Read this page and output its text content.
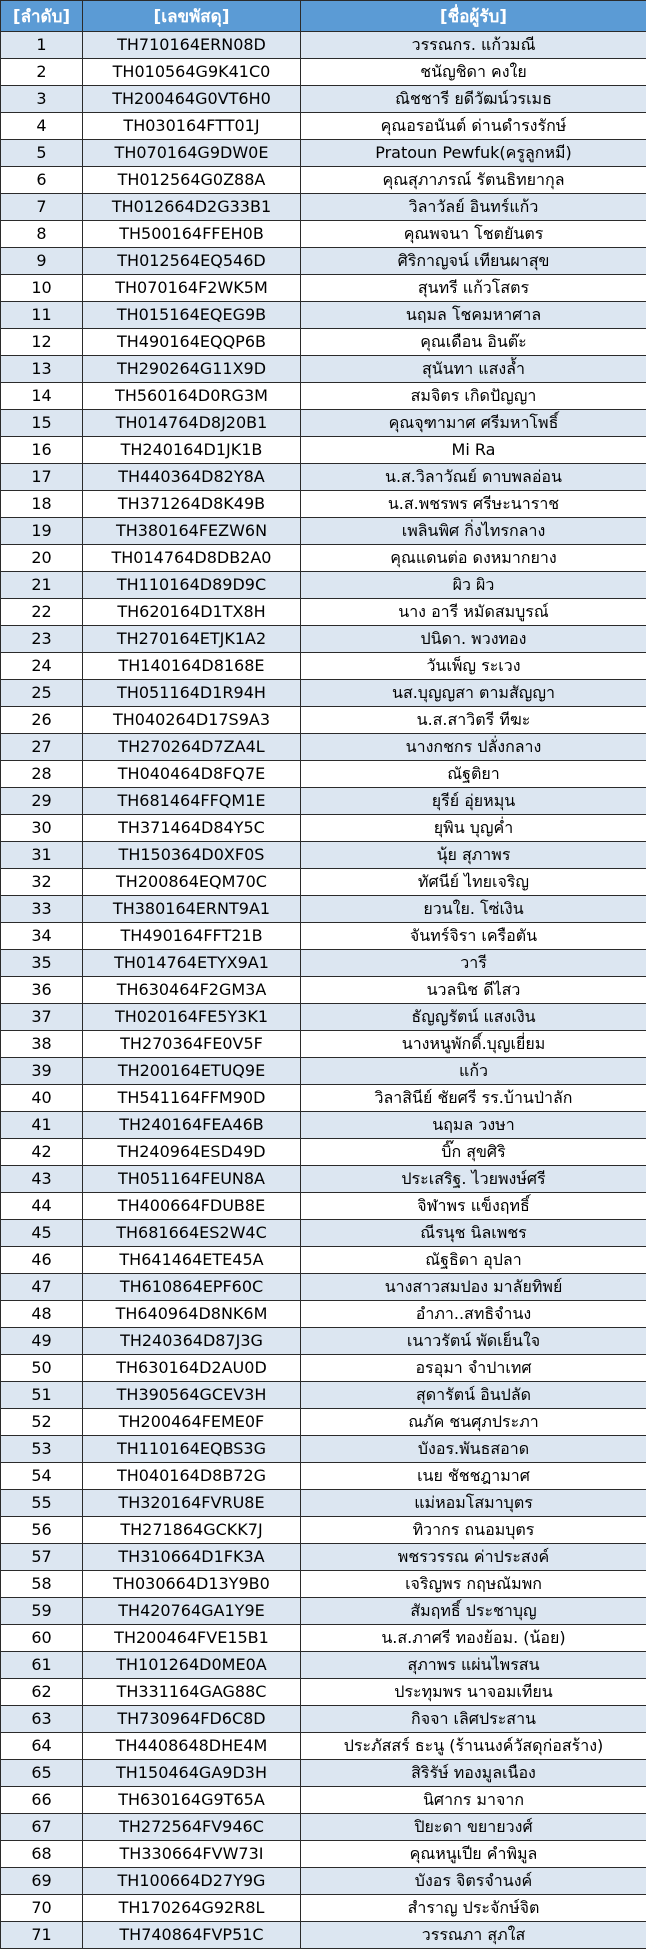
[ลำดับ]	[เลขพัสดุ]	[ชื่อผู้รับ]
1	TH710164ERN08D	วรรณกร. แก้วมณี
2	TH010564G9K41C0	ชนัญชิดา คงใย
3	TH200464G0VT6H0	ณิชชารี ยดีวัฒน์วรเมธ
4	TH030164FTT01J	คุณอรอนันต์ ด่านดำรงรักษ์
5	TH070164G9DW0E	Pratoun Pewfuk(ครูลูกหมี)
6	TH012564G0Z88A	คุณสุภาภรณ์ รัตนธิทยากุล
7	TH012664D2G33B1	วิลาวัลย์ อินทร์แก้ว
8	TH500164FFEH0B	คุณพจนา โชตยันตร
9	TH012564EQ546D	ศิริกาญจน์ เทียนผาสุข
10	TH070164F2WK5M	สุนทรี แก้วโสตร
11	TH015164EQEG9B	นฤมล โชคมหาศาล
12	TH490164EQQP6B	คุณเดือน อินต๊ะ
13	TH290264G11X9D	สุนันทา แสงล้ำ
14	TH560164D0RG3M	สมจิตร เกิดปัญญา
15	TH014764D8J20B1	คุณจุฑามาศ ศรีมหาโพธิ์
16	TH240164D1JK1B	Mi Ra
17	TH440364D82Y8A	น.ส.วิลาวัณย์ ดาบพลอ่อน
18	TH371264D8K49B	น.ส.พชรพร ศรีษะนาราช
19	TH380164FEZW6N	เพลินพิศ กิ่งไทรกลาง
20	TH014764D8DB2A0	คุณแดนต่อ ดงหมากยาง
21	TH110164D89D9C	ผิว ผิว
22	TH620164D1TX8H	นาง อารี หมัดสมบูรณ์
23	TH270164ETJK1A2	ปนิดา. พวงทอง
24	TH140164D8168E	วันเพ็ญ ระเวง
25	TH051164D1R94H	นส.บุญญสา ตามสัญญา
26	TH040264D17S9A3	น.ส.สาวิตรี ทีฆะ
27	TH270264D7ZA4L	นางกชกร ปลั่งกลาง
28	TH040464D8FQ7E	ณัฐติยา
29	TH681464FFQM1E	ยุรีย์ อุ่ยหมุน
30	TH371464D84Y5C	ยุพิน บุญค่ำ
31	TH150364D0XF0S	นุ้ย สุภาพร
32	TH200864EQM70C	ทัศนีย์ ไทยเจริญ
33	TH380164ERNT9A1	ยวนใย. โซ่เงิน
34	TH490164FFT21B	จันทร์จิรา เครือตัน
35	TH014764ETYX9A1	วารี
36	TH630464F2GM3A	นวลนิช ดีไสว
37	TH020164FE5Y3K1	ธัญญรัตน์ แสงเงิน
38	TH270364FE0V5F	นางหนูพักดิ์.บุญเยี่ยม
39	TH200164ETUQ9E	แก้ว
40	TH541164FFM90D	วิลาสินีย์ ชัยศรี รร.บ้านป่าลัก
41	TH240164FEA46B	นฤมล วงษา
42	TH240964ESD49D	บิ๊ก สุขศิริ
43	TH051164FEUN8A	ประเสริฐ. ไวยพงษ์ศรี
44	TH400664FDUB8E	จิฬาพร แข็งฤทธิ์
45	TH681664ES2W4C	ณีรนุช นิลเพชร
46	TH641464ETE45A	ณัฐธิดา อุปลา
47	TH610864EPF60C	นางสาวสมปอง มาลัยทิพย์
48	TH640964D8NK6M	อำภา..สทธิจำนง
49	TH240364D87J3G	เนาวรัตน์ พัดเย็นใจ
50	TH630164D2AU0D	อรอุมา จำปาเทศ
51	TH390564GCEV3H	สุดารัตน์ อินปลัด
52	TH200464FEME0F	ณภัค ชนศุภประภา
53	TH110164EQBS3G	บังอร.พันธสอาด
54	TH040164D8B72G	เนย ชัชชฎามาศ
55	TH320164FVRU8E	แม่หอมโสมาบุตร
56	TH271864GCKK7J	ทิวากร ถนอมบุตร
57	TH310664D1FK3A	พชรวรรณ ค่าประสงค์
58	TH030664D13Y9B0	เจริญพร กฤษณัมพก
59	TH420764GA1Y9E	สัมฤทธิ์ ประชาบุญ
60	TH200464FVE15B1	น.ส.ภาศรี ทองย้อม. (น้อย)
61	TH101264D0ME0A	สุภาพร แผ่นไพรสน
62	TH331164GAG88C	ประทุมพร นาจอมเทียน
63	TH730964FD6C8D	กิจจา เลิศประสาน
64	TH4408648DHE4M	ประภัสสร์ ธะนู (ร้านนงค์วัสดุก่อสร้าง)
65	TH150464GA9D3H	สิริรัษ์ ทองมูลเนือง
66	TH630164G9T65A	นิศากร มาจาก
67	TH272564FV946C	ปิยะดา ขยายวงศ์
68	TH330664FVW73I	คุณหนูเปีย คำพิมูล
69	TH100664D27Y9G	บังอร จิตรจำนงค์
70	TH170264G92R8L	สำราญ ประจักษ์จิต
71	TH740864FVP51C	วรรณภา สุภใส
